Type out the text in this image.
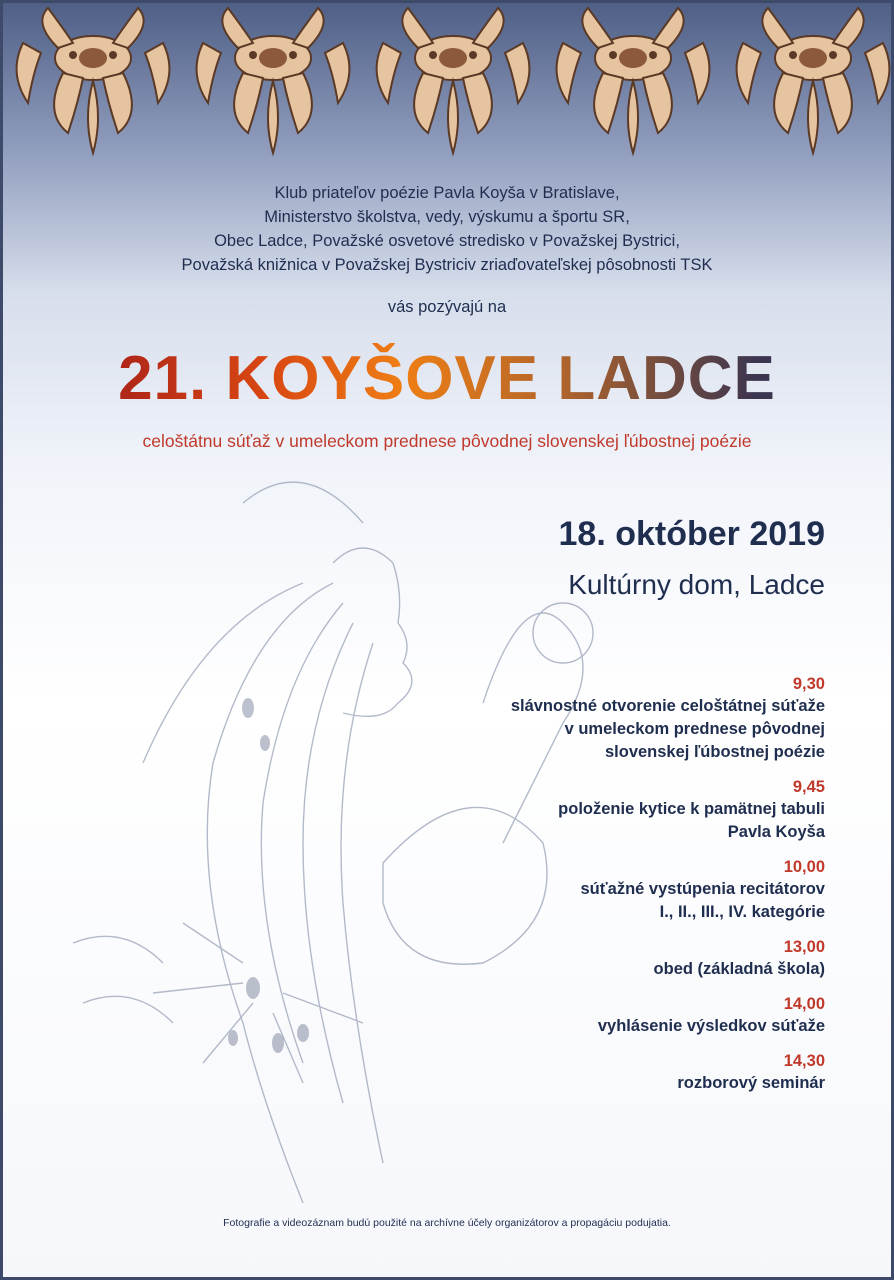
Klub priateľov poézie Pavla Koyša v Bratislave,
Ministerstvo školstva, vedy, výskumu a športu SR,
Obec Ladce, Považské osvetové stredisko v Považskej Bystrici,
Považská knižnica v Považskej Bystriciv zriaďovateľskej pôsobnosti TSK
vás pozývajú na
21. KOYŠOVE LADCE
celoštátnu súťaž v umeleckom prednese pôvodnej slovenskej ľúbostnej poézie
18. október 2019
Kultúrny dom, Ladce
9,30
slávnostné otvorenie celoštátnej súťaže
v umeleckom prednese pôvodnej
slovenskej ľúbostnej poézie
9,45
položenie kytice k pamätnej tabuli
Pavla Koyša
10,00
súťažné vystúpenia recitátorov
I., II., III., IV. kategórie
13,00
obed (základná škola)
14,00
vyhlásenie výsledkov súťaže
14,30
rozborový seminár
Fotografie a videozáznam budú použité na archívne účely organizátorov a propagáciu podujatia.
